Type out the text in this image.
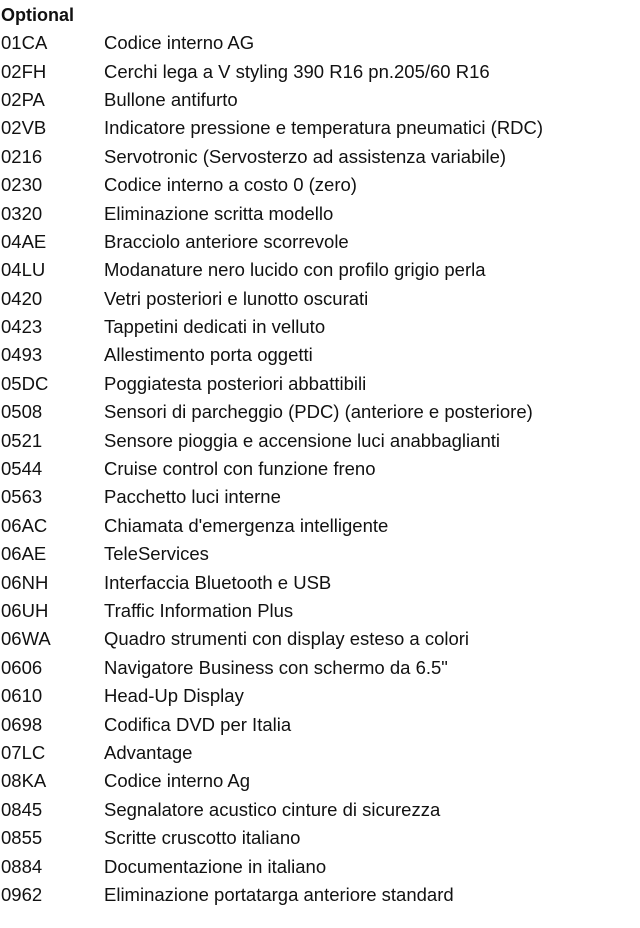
Optional
01CA	Codice interno AG
02FH	Cerchi lega a V styling 390 R16 pn.205/60 R16
02PA	Bullone antifurto
02VB	Indicatore pressione e temperatura pneumatici (RDC)
0216	Servotronic (Servosterzo ad assistenza variabile)
0230	Codice interno a costo 0 (zero)
0320	Eliminazione scritta modello
04AE	Bracciolo anteriore scorrevole
04LU	Modanature nero lucido con profilo grigio perla
0420	Vetri posteriori e lunotto oscurati
0423	Tappetini dedicati in velluto
0493	Allestimento porta oggetti
05DC	Poggiatesta posteriori abbattibili
0508	Sensori di parcheggio (PDC) (anteriore e posteriore)
0521	Sensore pioggia e accensione luci anabbaglianti
0544	Cruise control con funzione freno
0563	Pacchetto luci interne
06AC	Chiamata d'emergenza intelligente
06AE	TeleServices
06NH	Interfaccia Bluetooth e USB
06UH	Traffic Information Plus
06WA	Quadro strumenti con display esteso a colori
0606	Navigatore Business con schermo da 6.5"
0610	Head-Up Display
0698	Codifica DVD per Italia
07LC	Advantage
08KA	Codice interno Ag
0845	Segnalatore acustico cinture di sicurezza
0855	Scritte cruscotto italiano
0884	Documentazione in italiano
0962	Eliminazione portatarga anteriore standard
